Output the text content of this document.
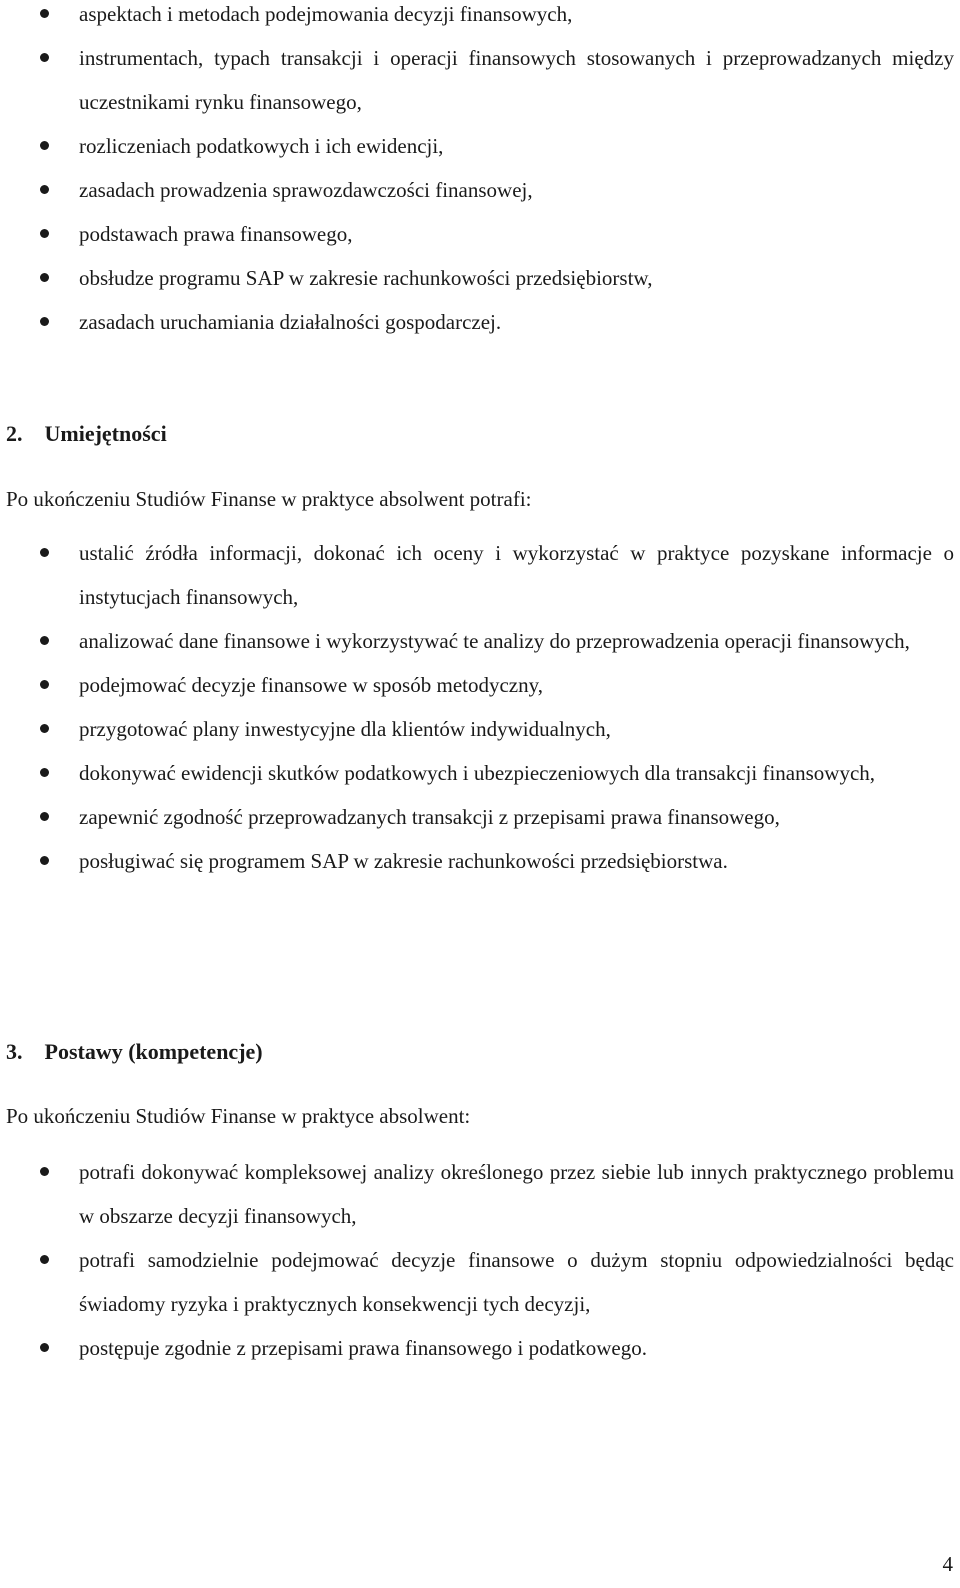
aspektach i metodach podejmowania decyzji finansowych,
instrumentach, typach transakcji i operacji finansowych stosowanych i przeprowadzanych między uczestnikami rynku finansowego,
rozliczeniach podatkowych i ich ewidencji,
zasadach prowadzenia sprawozdawczości finansowej,
podstawach prawa finansowego,
obsłudze programu SAP w zakresie rachunkowości przedsiębiorstw,
zasadach uruchamiania działalności gospodarczej.
2.    Umiejętności
Po ukończeniu Studiów Finanse w praktyce absolwent potrafi:
ustalić źródła informacji, dokonać ich oceny i wykorzystać w praktyce pozyskane informacje o instytucjach finansowych,
analizować dane finansowe i wykorzystywać te analizy do przeprowadzenia operacji finansowych,
podejmować decyzje finansowe w sposób metodyczny,
przygotować plany inwestycyjne dla klientów indywidualnych,
dokonywać ewidencji skutków podatkowych i ubezpieczeniowych dla transakcji finansowych,
zapewnić zgodność przeprowadzanych transakcji z przepisami prawa finansowego,
posługiwać się programem SAP w zakresie rachunkowości przedsiębiorstwa.
3.    Postawy (kompetencje)
Po ukończeniu Studiów Finanse w praktyce absolwent:
potrafi dokonywać kompleksowej analizy określonego przez siebie lub innych praktycznego problemu w obszarze decyzji finansowych,
potrafi samodzielnie podejmować decyzje finansowe o dużym stopniu odpowiedzialności będąc świadomy ryzyka i praktycznych konsekwencji tych decyzji,
postępuje zgodnie z przepisami prawa finansowego i podatkowego.
4
